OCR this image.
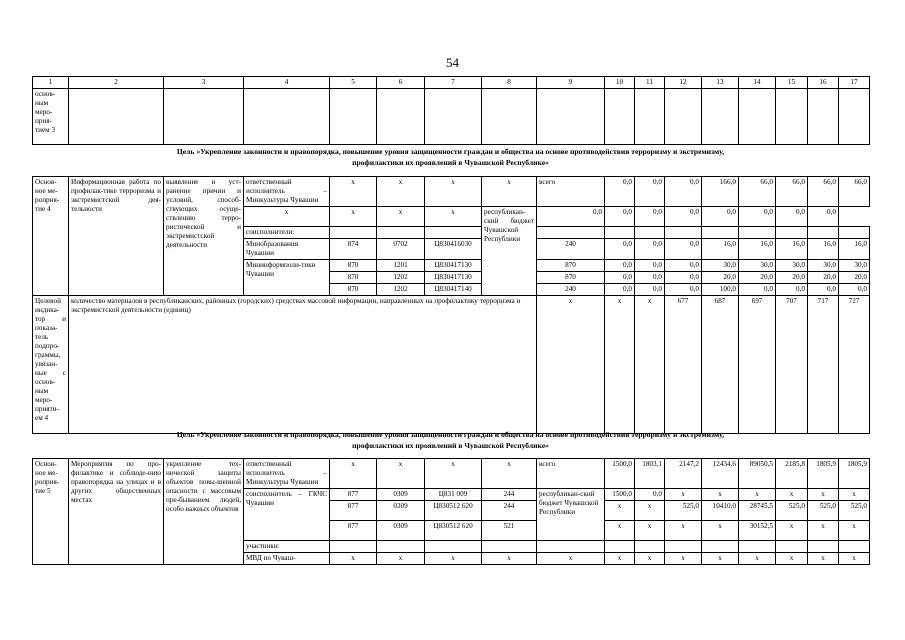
54
1	2	3	4	5	6	7	8	9	10	11	12	13	14	15	16	17
основ-ным меро-прия-тием 3																
Цель «Укрепление законности и правопорядка, повышение уровня защищенности граждан и общества на основе противодействия терроризму и экстремизму,
профилактики их проявлений в Чувашской Республике»
Основ-ное ме-роприя-тие 4	Информационная работа по профилак-тике терроризма и экстремистской дея-тельности	выявление и уст-ранение причин и условий, способ-ствующих осуще-ствлению терро-ристической и экстремистской деятельности	ответственный исполнитель – Минкультуры Чувашии	x	x	x	x	всего	0,0	0,0	0,0	166,0	66,0	66,0	66,0	66,0
			x	x	x	x	республикан-ский бюджет Чувашской Республики	0,0	0,0	0,0	0,0	0,0	0,0	0,0	0,0	
			соисполнители:													
			Минобразования Чувашии	874	0702	Ц830416030		240	0,0	0,0	0,0	16,0	16,0	16,0	16,0	16,0
			Мининформполи-тики Чувашии	870	1201	Ц830417130		870	0,0	0,0	0,0	30,0	30,0	30,0	30,0	30,0
				870	1202	Ц830417130		870	0,0	0,0	0,0	20,0	20,0	20,0	20,0	20,0
				870	1202	Ц830417140		240	0,0	0,0	0,0	100,0	0,0	0,0	0,0	0,0
Целевой индика-тор и показа-тель подпро-граммы, увязан-ные с основ-ным меро-прияти-ем 4	количество материалов в республиканских, районных (городских) средствах массовой информации, направленных на профилактику терроризма и экстремистской деятельности (единиц)							x	x	x	677	687	697	707	717	727
Цель «Укрепление законности и правопорядка, повышение уровня защищенности граждан и общества на основе противодействия терроризму и экстремизму,
профилактики их проявлений в Чувашской Республике»
Основ-ное ме-роприя-тие 5	Мероприятия по про-филактике и соблюде-нию правопорядка на улицах и в других общественных местах	укрепление тех-нической защиты объектов повы-шенной опасности с массовым пре-быванием людей, особо важных объектов	ответственный исполнитель – Минкультуры Чувашии	x	x	x	x	всего	1500,0	1803,1	2147,2	12434,6	89050,5	2185,8	1805,9	1805,9
			соисполнитель – ГКЧС Чувашии	877	0309	Ц831 009	244	республикан-ский бюджет Чувашской Республики	1500,0	0,0	x	x	x	x	x	x
				877	0309	Ц830512 620	244		x	x	525,0	10410,0	28745,5	525,0	525,0	525,0
				877	0309	Ц830512 620	521		x	x	x	x	30152,5	x	x	x
			участники:													
			МВД по Чуваш-	x	x	x	x	x	x	x	x	x	x	x	x	x
